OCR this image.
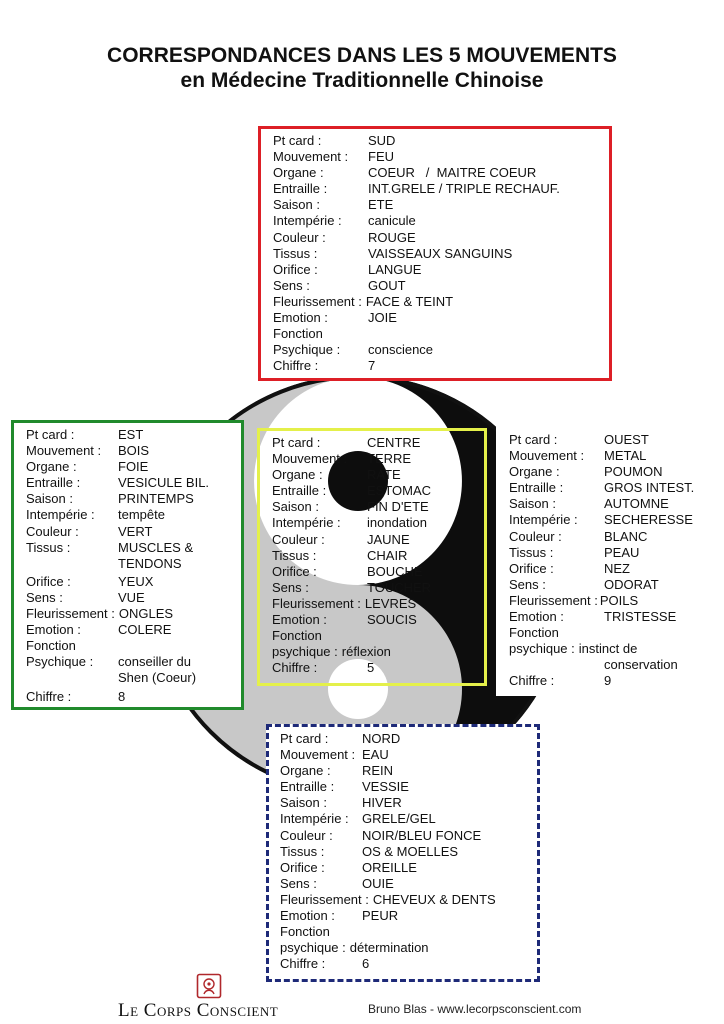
CORRESPONDANCES DANS LES 5 MOUVEMENTS
en Médecine Traditionnelle Chinoise
Pt card :	SUD
Mouvement :	FEU
Organe :	COEUR   /  MAITRE COEUR
Entraille :	INT.GRELE / TRIPLE RECHAUF.
Saison :	ETE
Intempérie :	canicule
Couleur :	ROUGE
Tissus :	VAISSEAUX SANGUINS
Orifice :	LANGUE
Sens :	GOUT
Fleurissement : FACE & TEINT
Emotion :	JOIE
Fonction
Psychique :	conscience
Chiffre :	7
Pt card :	EST
Mouvement :	BOIS
Organe :	FOIE
Entraille :	VESICULE BIL.
Saison :	PRINTEMPS
Intempérie :	tempête
Couleur :	VERT
Tissus :	MUSCLES & TENDONS
Orifice :	YEUX
Sens :	VUE
Fleurissement : ONGLES
Emotion :	COLERE
Fonction
Psychique :	conseiller du Shen (Coeur)
Chiffre :	8
Pt card :	CENTRE
Mouvement :	TERRE
Organe :	RATE
Entraille :	ESTOMAC
Saison :	FIN D'ETE
Intempérie :	inondation
Couleur :	JAUNE
Tissus :	CHAIR
Orifice :	BOUCHE
Sens :	TOUCHER
Fleurissement : LEVRES
Emotion :	SOUCIS
Fonction
psychique : réflexion
Chiffre :	5
Pt card :	OUEST
Mouvement :	METAL
Organe :	POUMON
Entraille :	GROS INTEST.
Saison :	AUTOMNE
Intempérie :	SECHERESSE
Couleur :	BLANC
Tissus :	PEAU
Orifice :	NEZ
Sens :	ODORAT
Fleurissement : POILS
Emotion :	TRISTESSE
Fonction
psychique : instinct de
conservation
Chiffre :	9
Pt card :	NORD
Mouvement : EAU
Organe :	REIN
Entraille :	VESSIE
Saison :	HIVER
Intempérie :	GRELE/GEL
Couleur :	NOIR/BLEU FONCE
Tissus :	OS & MOELLES
Orifice :	OREILLE
Sens :	OUIE
Fleurissement : CHEVEUX & DENTS
Emotion :	PEUR
Fonction
psychique : détermination
Chiffre :	6
Le Corps Conscient	Bruno Blas - www.lecorpsconscient.com
